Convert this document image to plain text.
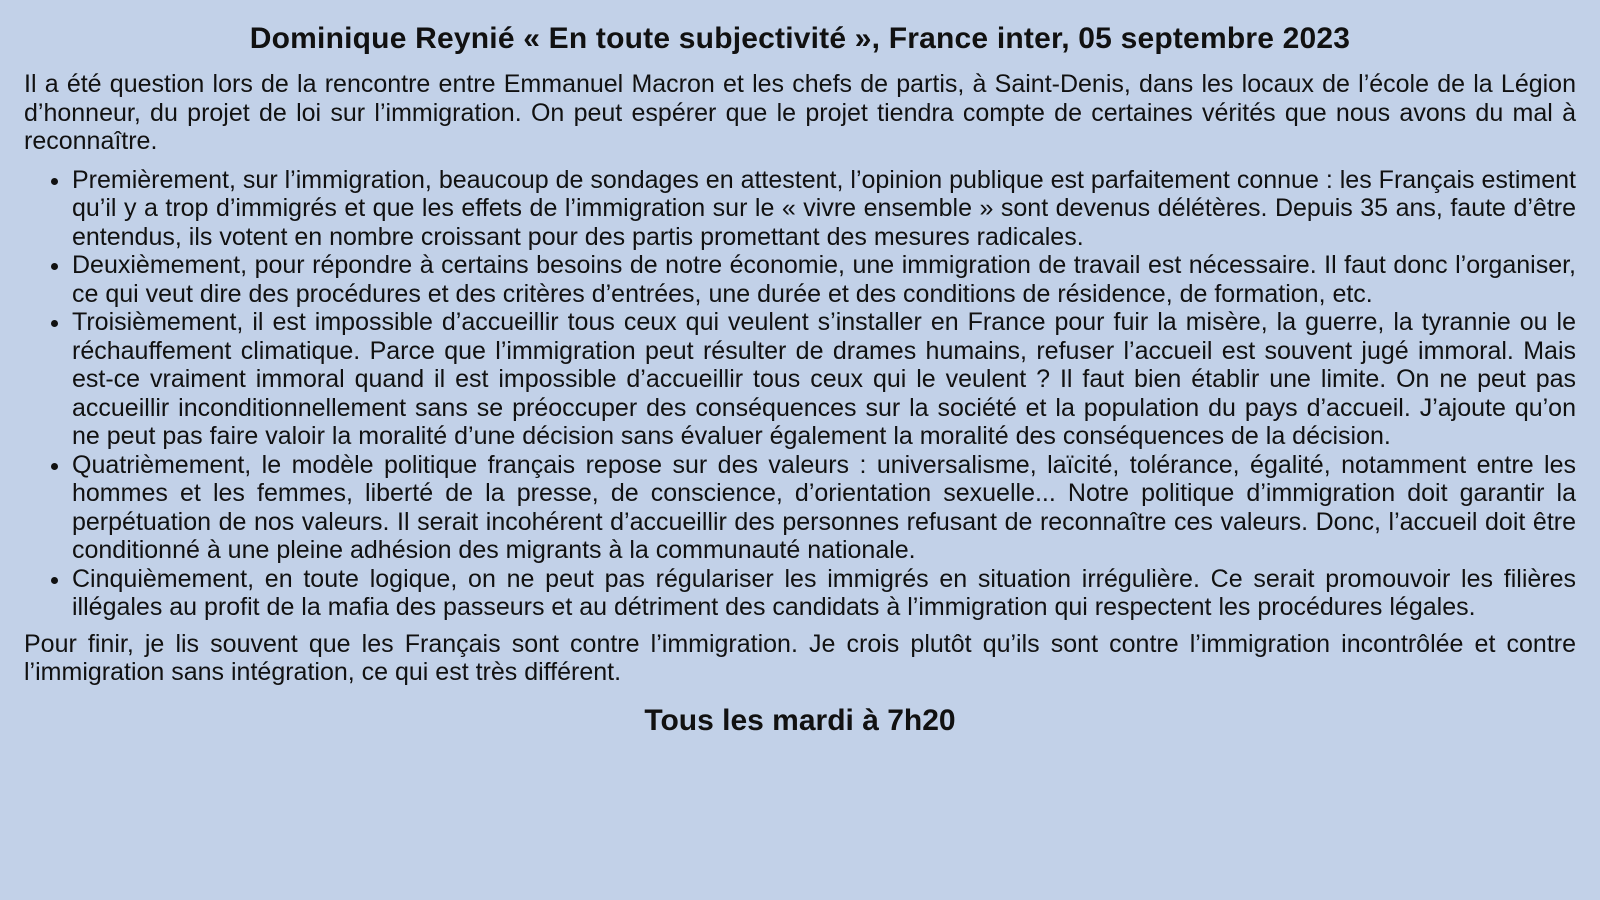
Dominique Reynié « En toute subjectivité », France inter, 05 septembre 2023

Il a été question lors de la rencontre entre Emmanuel Macron et les chefs de partis, à Saint-Denis, dans les locaux de l’école de la Légion d’honneur, du projet de loi sur l’immigration. On peut espérer que le projet tiendra compte de certaines vérités que nous avons du mal à reconnaître.

• Premièrement, sur l’immigration, beaucoup de sondages en attestent, l’opinion publique est parfaitement connue : les Français estiment qu’il y a trop d’immigrés et que les effets de l’immigration sur le « vivre ensemble » sont devenus délétères. Depuis 35 ans, faute d’être entendus, ils votent en nombre croissant pour des partis promettant des mesures radicales.
• Deuxièmement, pour répondre à certains besoins de notre économie, une immigration de travail est nécessaire. Il faut donc l’organiser, ce qui veut dire des procédures et des critères d’entrées, une durée et des conditions de résidence, de formation, etc.
• Troisièmement, il est impossible d’accueillir tous ceux qui veulent s’installer en France pour fuir la misère, la guerre, la tyrannie ou le réchauffement climatique. Parce que l’immigration peut résulter de drames humains, refuser l’accueil est souvent jugé immoral. Mais est-ce vraiment immoral quand il est impossible d’accueillir tous ceux qui le veulent ? Il faut bien établir une limite. On ne peut pas accueillir inconditionnellement sans se préoccuper des conséquences sur la société et la population du pays d’accueil. J’ajoute qu’on ne peut pas faire valoir la moralité d’une décision sans évaluer également la moralité des conséquences de la décision.
• Quatrièmement, le modèle politique français repose sur des valeurs : universalisme, laïcité, tolérance, égalité, notamment entre les hommes et les femmes, liberté de la presse, de conscience, d’orientation sexuelle... Notre politique d’immigration doit garantir la perpétuation de nos valeurs. Il serait incohérent d’accueillir des personnes refusant de reconnaître ces valeurs. Donc, l’accueil doit être conditionné à une pleine adhésion des migrants à la communauté nationale.
• Cinquièmement, en toute logique, on ne peut pas régulariser les immigrés en situation irrégulière. Ce serait promouvoir les filières illégales au profit de la mafia des passeurs et au détriment des candidats à l’immigration qui respectent les procédures légales.

Pour finir, je lis souvent que les Français sont contre l’immigration. Je crois plutôt qu’ils sont contre l’immigration incontrôlée et contre l’immigration sans intégration, ce qui est très différent.

Tous les mardi à 7h20
